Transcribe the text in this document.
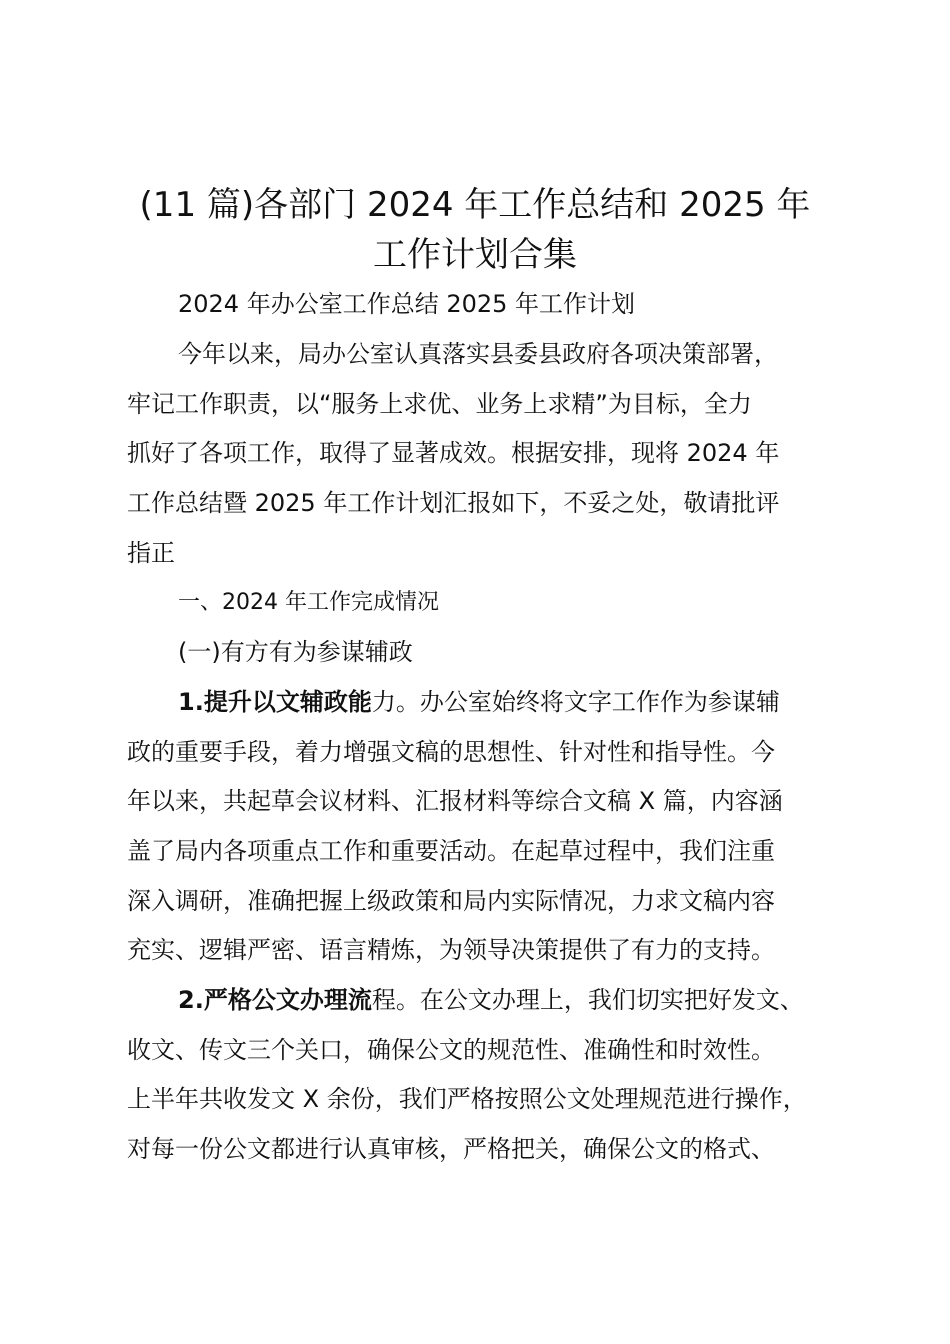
(11 篇)各部门 2024 年工作总结和 2025 年
工作计划合集
2024 年办公室工作总结 2025 年工作计划
今年以来，局办公室认真落实县委县政府各项决策部署，
牢记工作职责，以“服务上求优、业务上求精”为目标，全力
抓好了各项工作，取得了显著成效。根据安排，现将 2024 年
工作总结暨 2025 年工作计划汇报如下，不妥之处，敬请批评
指正
一、2024 年工作完成情况
(一)有方有为参谋辅政
1.提升以文辅政能力。办公室始终将文字工作作为参谋辅
政的重要手段，着力增强文稿的思想性、针对性和指导性。今
年以来，共起草会议材料、汇报材料等综合文稿 X 篇，内容涵
盖了局内各项重点工作和重要活动。在起草过程中，我们注重
深入调研，准确把握上级政策和局内实际情况，力求文稿内容
充实、逻辑严密、语言精炼，为领导决策提供了有力的支持。
2.严格公文办理流程。在公文办理上，我们切实把好发文、
收文、传文三个关口，确保公文的规范性、准确性和时效性。
上半年共收发文 X 余份，我们严格按照公文处理规范进行操作，
对每一份公文都进行认真审核，严格把关，确保公文的格式、
